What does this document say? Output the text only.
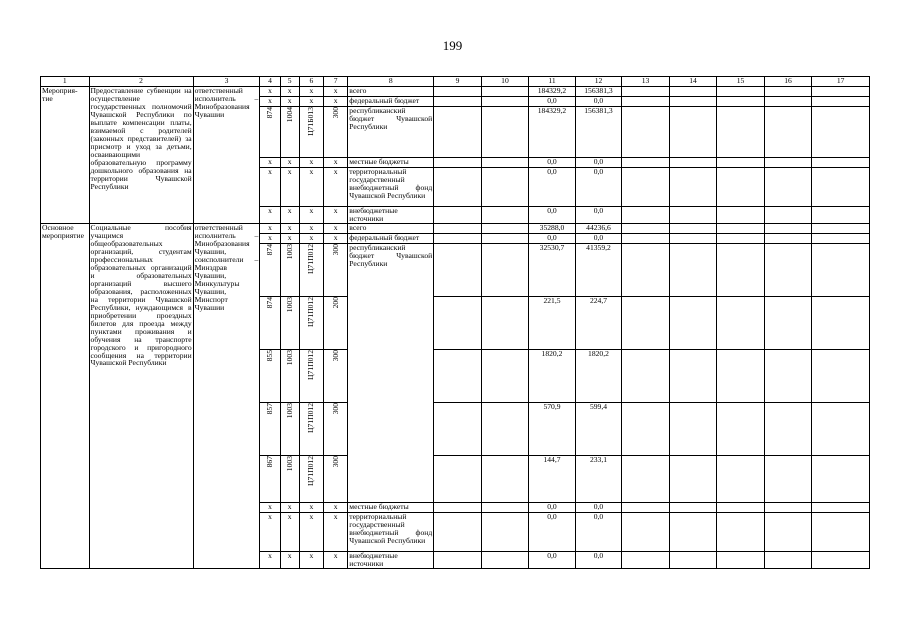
199
1	2	3	4	5	6	7	8	9	10	11	12	13	14	15	16	17
Мероприя-тие	Предоставление субвенции на осуществление государственных полномочий Чувашской Республики по выплате компенсации платы, взимаемой с родителей (законных представителей) за присмотр и уход за детьми, осваивающими образовательную программу дошкольного образования на территории Чувашской Республики	ответственный исполнитель – Минобразования Чувашии	x	x	x	x	всего			184329,2	156381,3					
			x	x	x	x	федеральный бюджет			0,0	0,0					
			874	1004	Ц71Б013	300	республиканский бюджет Чувашской Республики			184329,2	156381,3					
			x	x	x	x	местные бюджеты			0,0	0,0					
			x	x	x	x	территориальный государственный внебюджетный фонд Чувашской Республики			0,0	0,0					
			x	x	x	x	внебюджетные источники			0,0	0,0					
Основное мероприятие	Социальные пособия учащимся общеобразовательных организаций, студентам профессиональных образовательных организаций и образовательных организаций высшего образования, расположенных на территории Чувашской Республики, нуждающимся в приобретении проездных билетов для проезда между пунктами проживания и обучения на транспорте городского и пригородного сообщения на территории Чувашской Республики	ответственный исполнитель – Минобразования Чувашии, соисполнители – Минздрав Чувашии, Минкультуры Чувашии, Минспорт Чувашии	x	x	x	x	всего			35288,0	44236,6					
			x	x	x	x	федеральный бюджет			0,0	0,0					
			874	1003	Ц71П012	300	республиканский бюджет Чувашской Республики			32530,7	41359,2					
			874	1003	Ц71П012	200				221,5	224,7					
			855	1003	Ц71П012	300				1820,2	1820,2					
			857	1003	Ц71П012	300				570,9	599,4					
			867	1003	Ц71П012	300				144,7	233,1					
			x	x	x	x	местные бюджеты			0,0	0,0					
			x	x	x	x	территориальный государственный внебюджетный фонд Чувашской Республики			0,0	0,0					
			x	x	x	x	внебюджетные источники			0,0	0,0					
